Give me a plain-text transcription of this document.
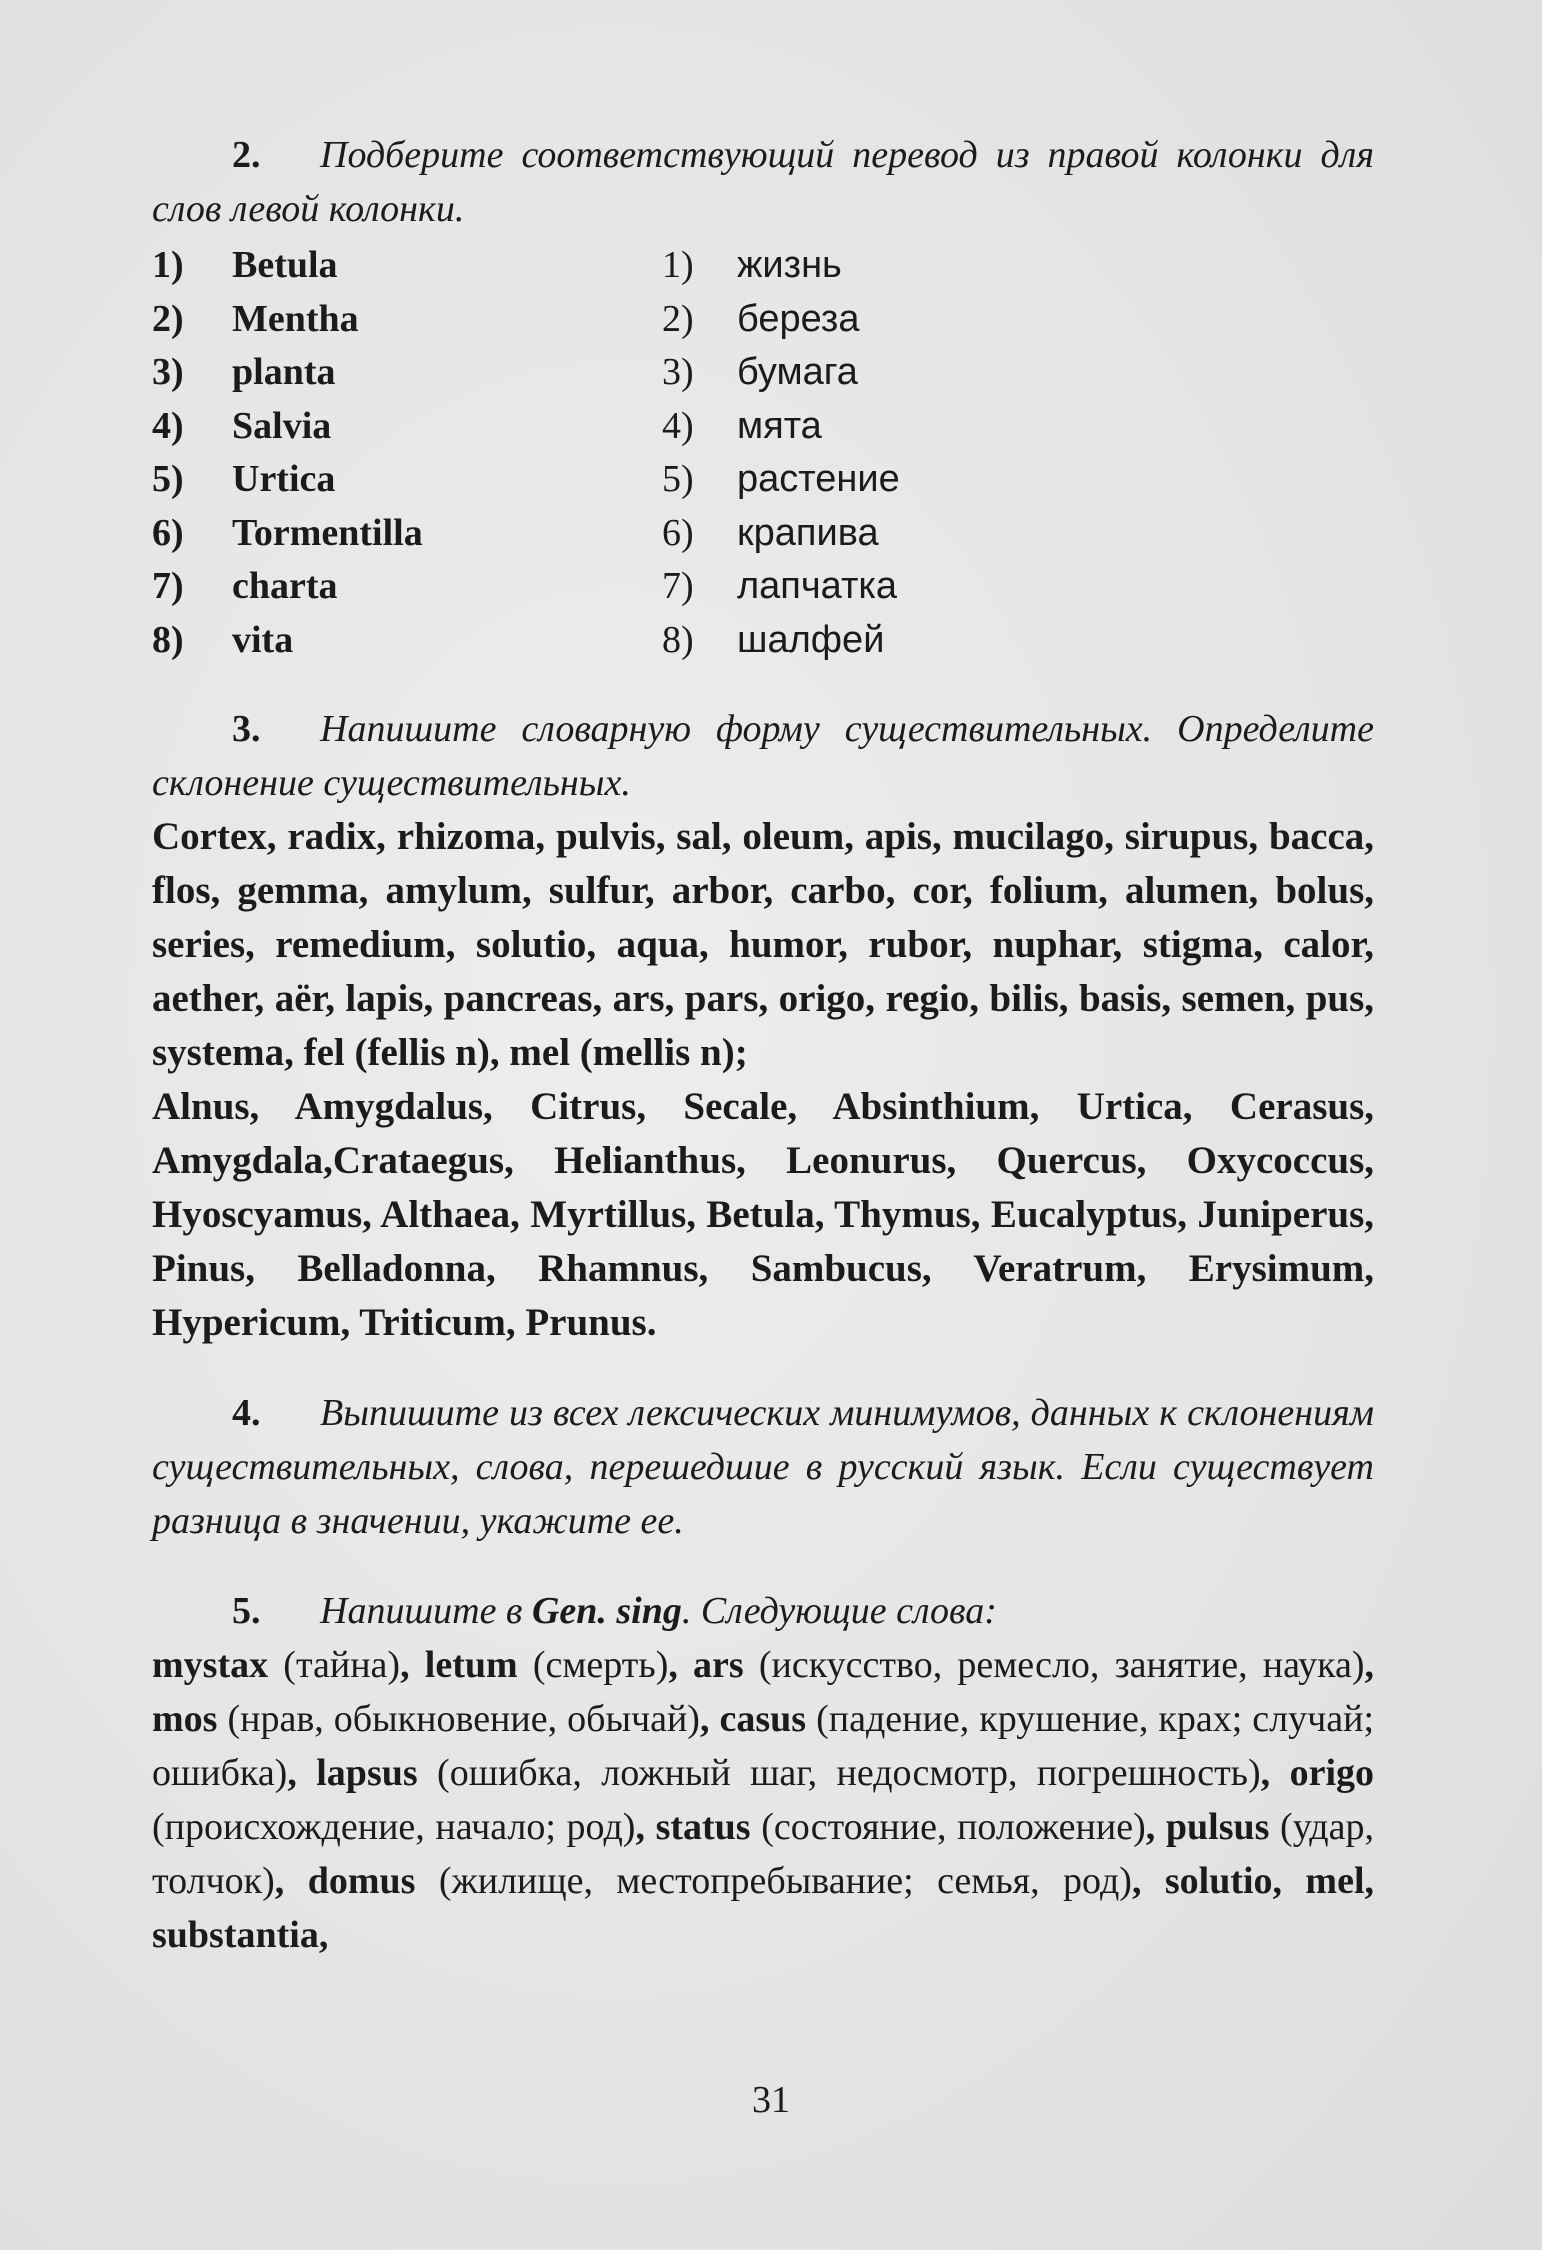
2. Подберите соответствующий перевод из правой колонки для слов левой колонки.
1) Betula	1) жизнь
2) Mentha	2) береза
3) planta	3) бумага
4) Salvia	4) мята
5) Urtica	5) растение
6) Tormentilla	6) крапива
7) charta	7) лапчатка
8) vita	8) шалфей
3. Напишите словарную форму существительных. Определите склонение существительных.
Cortex, radix, rhizoma, pulvis, sal, oleum, apis, mucilago, sirupus, bacca, flos, gemma, amylum, sulfur, arbor, carbo, cor, folium, alumen, bolus, series, remedium, solutio, aqua, humor, rubor, nuphar, stigma, calor, aether, aёr, lapis, pancreas, ars, pars, origo, regio, bilis, basis, semen, pus, systema, fel (fellis n), mel (mellis n);
Alnus, Amygdalus, Citrus, Secale, Absinthium, Urtica, Cerasus, Amygdala,Crataegus, Helianthus, Leonurus, Quercus, Oxycoccus, Hyoscyamus, Althaea, Myrtillus, Betula, Thymus, Eucalyptus, Juniperus, Pinus, Belladonna, Rhamnus, Sambucus, Veratrum, Erysimum, Hypericum, Triticum, Prunus.
4. Выпишите из всех лексических минимумов, данных к склонениям существительных, слова, перешедшие в русский язык. Если существует разница в значении, укажите ее.
5. Напишите в Gen. sing. Следующие слова:
mystax (тайна), letum (смерть), ars (искусство, ремесло, занятие, наука), mos (нрав, обыкновение, обычай), casus (падение, крушение, крах; случай; ошибка), lapsus (ошибка, ложный шаг, недосмотр, погрешность), origo (происхождение, начало; род), status (состояние, положение), pulsus (удар, толчок), domus (жилище, местопребывание; семья, род), solutio, mel, substantia,
31
